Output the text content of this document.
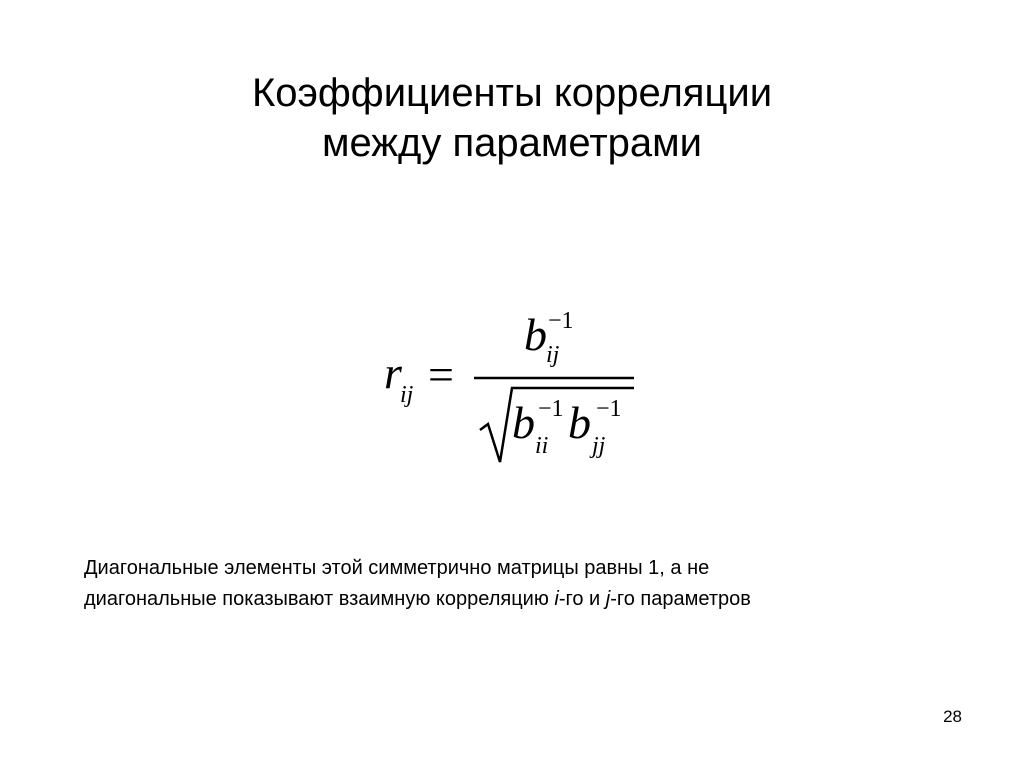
Коэффициенты корреляции
между параметрами
r
ij =
b ij
−1
b ii
−1 b jj
−1
Диагональные элементы этой симметрично матрицы равны 1, а не
диагональные показывают взаимную корреляцию i-го и j-го параметров
28
